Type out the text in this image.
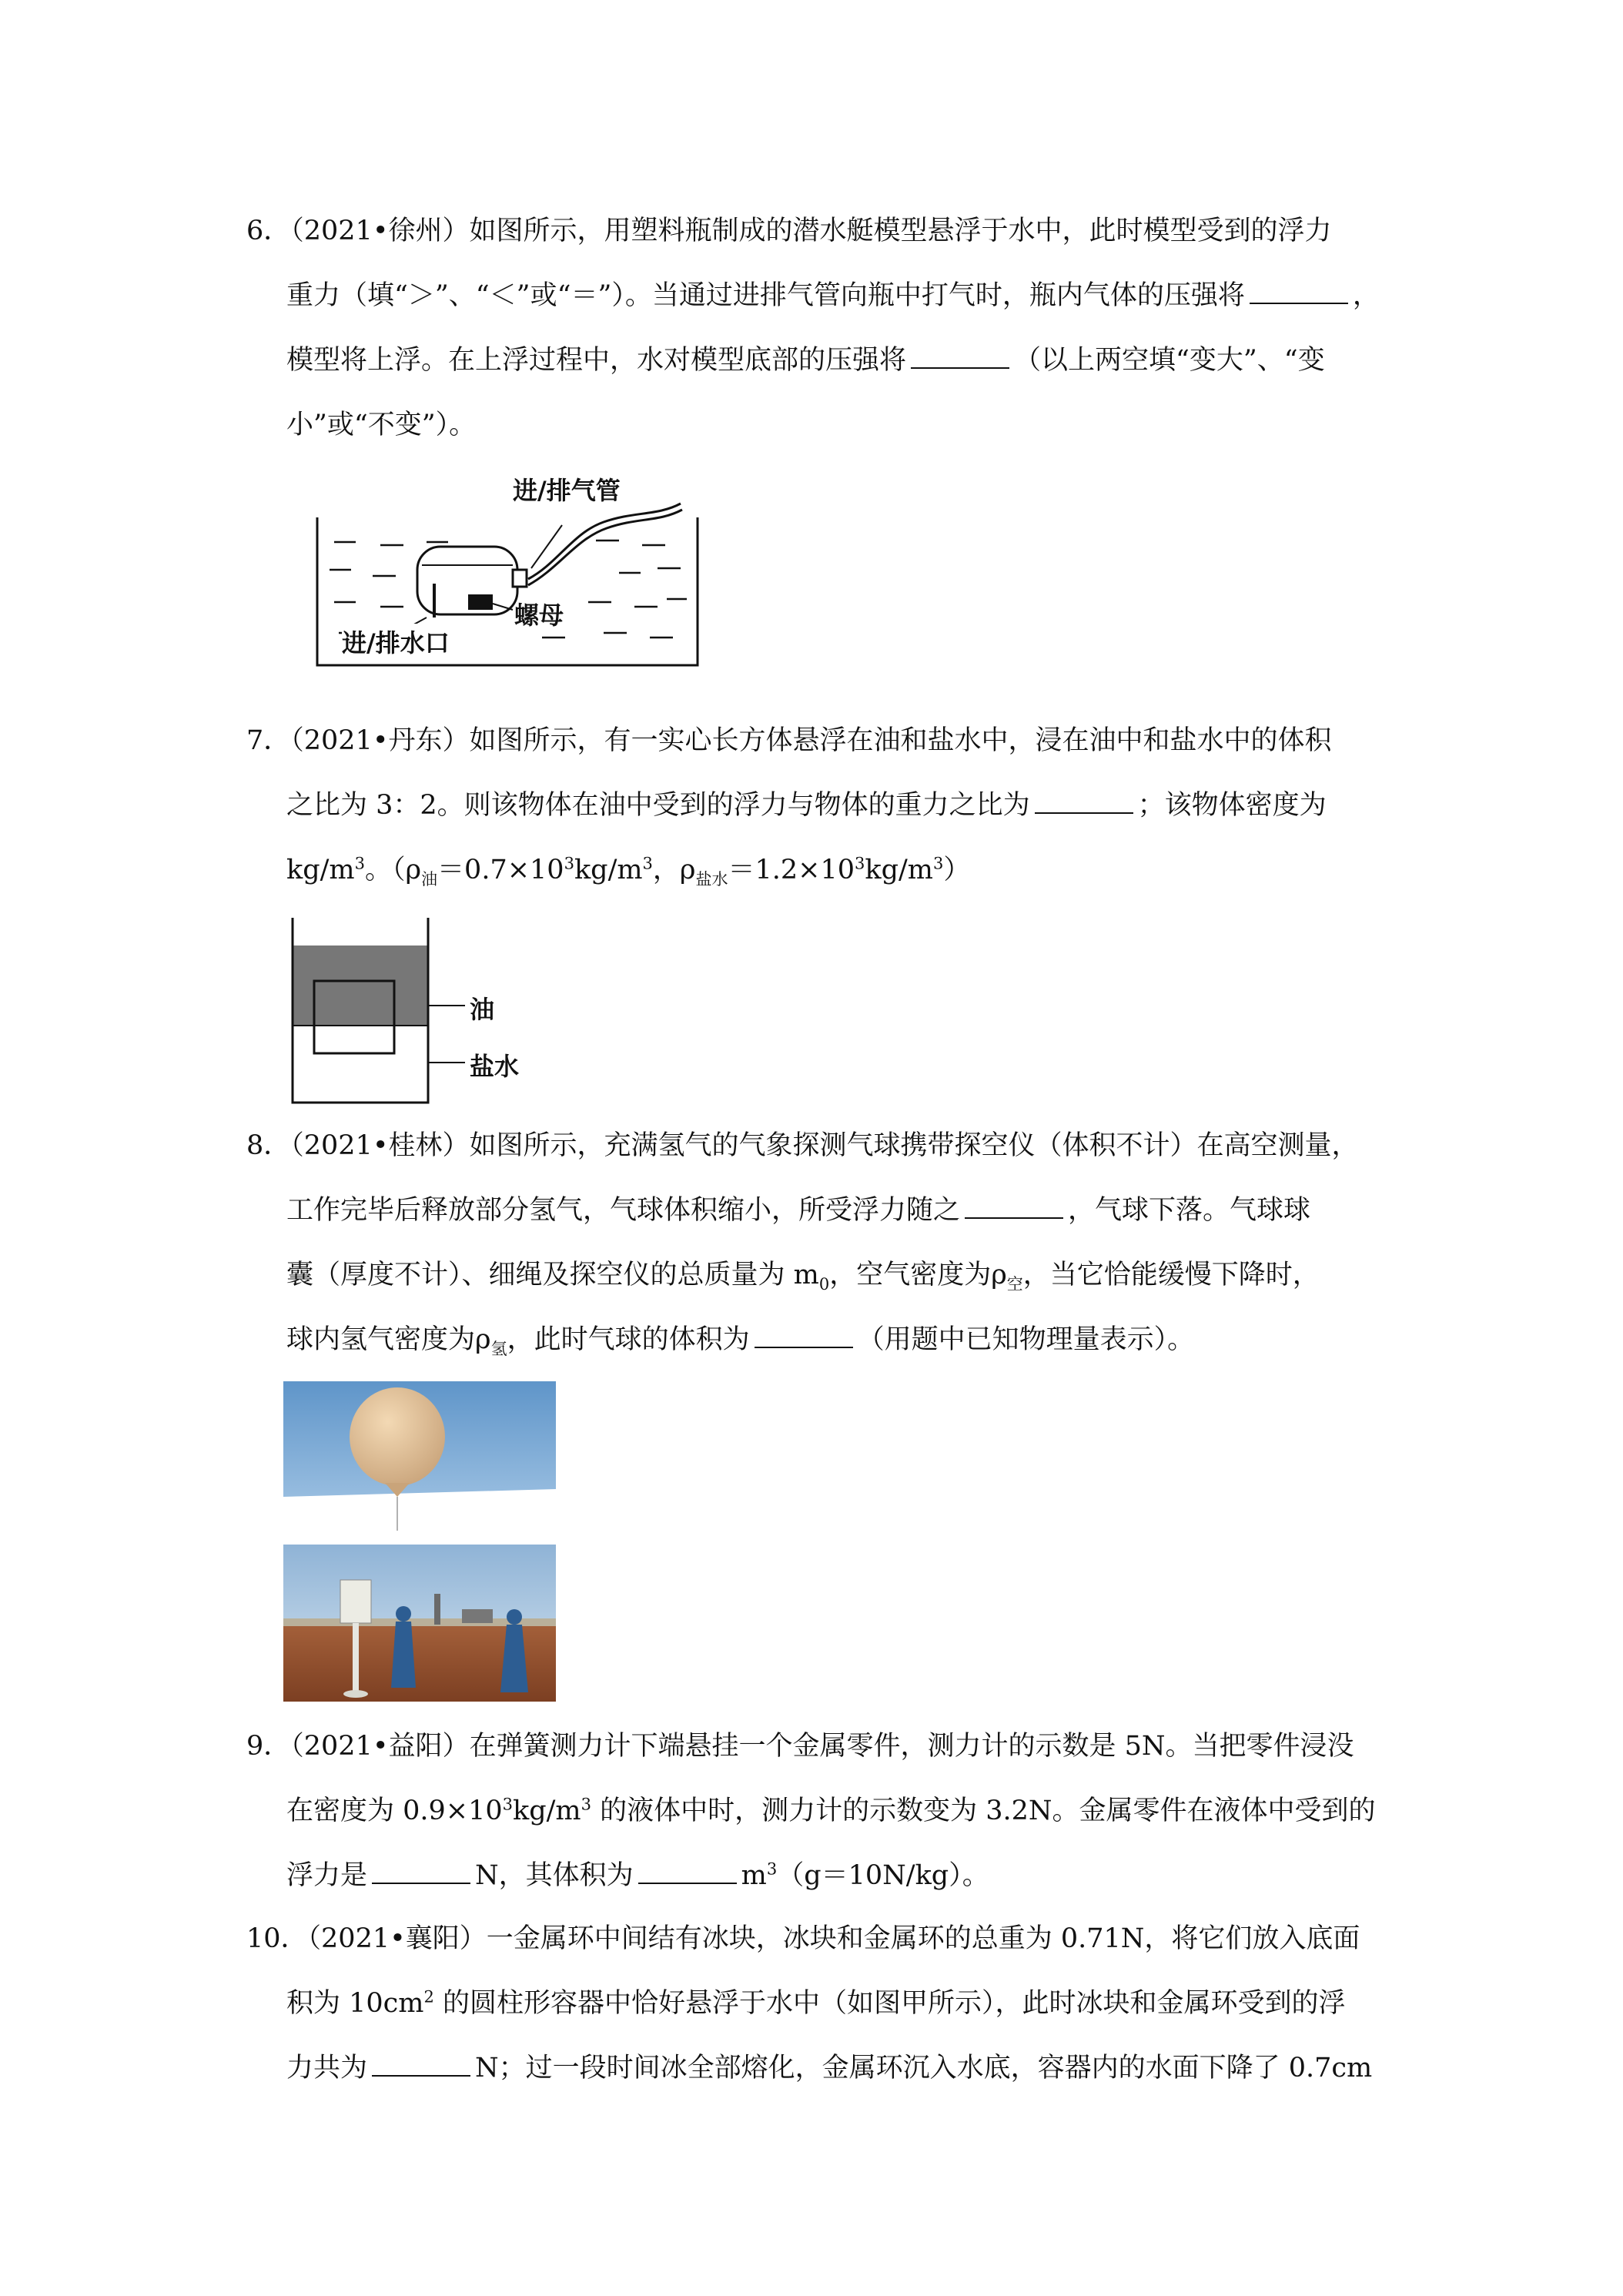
6．（2021•徐州）如图所示，用塑料瓶制成的潜水艇模型悬浮于水中，此时模型受到的浮力
重力（填“＞”、“＜”或“＝”）。当通过进排气管向瓶中打气时，瓶内气体的压强将	，
模型将上浮。在上浮过程中，水对模型底部的压强将	（以上两空填“变大”、“变
小”或“不变”）。
进/排气管
进/排水口
螺母
7．（2021•丹东）如图所示，有一实心长方体悬浮在油和盐水中，浸在油中和盐水中的体积
之比为 3：2。则该物体在油中受到的浮力与物体的重力之比为	；该物体密度为
$kg/m^3$。（$\rho_油=0.7\times 10^3kg/m^3$，$\rho_{盐水}=1.2\times 10^3kg/m^3$）
油
盐水
8．（2021•桂林）如图所示，充满氢气的气象探测气球携带探空仪（体积不计）在高空测量，
工作完毕后释放部分氢气，气球体积缩小，所受浮力随之	，气球下落。气球球
囊（厚度不计）、细绳及探空仪的总质量为 $m_0$，空气密度为$\rho_空$，当它恰能缓慢下降时，
球内氢气密度为$\rho_氢$，此时气球的体积为	（用题中已知物理量表示）。
9．（2021•益阳）在弹簧测力计下端悬挂一个金属零件，测力计的示数是 5N。当把零件浸没
在密度为 $0.9\times 10^3kg/m^3$ 的液体中时，测力计的示数变为 3.2N。金属零件在液体中受到的
浮力是	N，其体积为	$m^3(g=10N/kg)$。
10．（2021•襄阳）一金属环中间结有冰块，冰块和金属环的总重为 0.71N，将它们放入底面
积为 $10cm^2$ 的圆柱形容器中恰好悬浮于水中（如图甲所示），此时冰块和金属环受到的浮
力共为	N；过一段时间冰全部熔化，金属环沉入水底，容器内的水面下降了 0.7cm
